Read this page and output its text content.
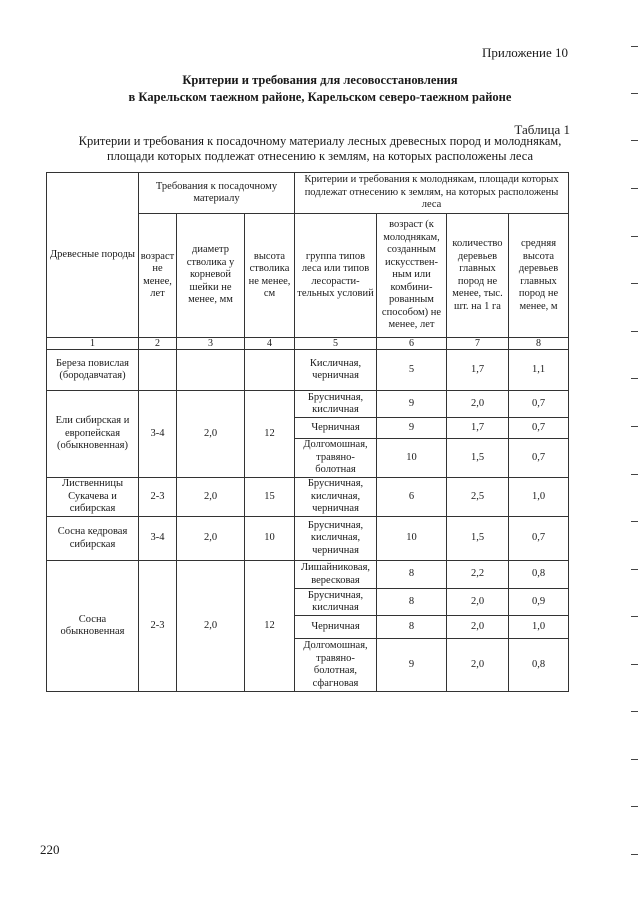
Приложение 10
Критерии и требования для лесовосстановления
в Карельском таежном районе, Карельском северо-таежном районе
Таблица 1
Критерии и требования к посадочному материалу лесных древесных пород и молоднякам,
площади которых подлежат отнесению к землям, на которых расположены леса
Древесные породы	Требования к посадочному материалу			Критерии и требования к молоднякам, площади которых подлежат отнесению к землям, на которых расположены леса			
	возраст не менее, лет	диаметр стволика у корневой шейки не менее, мм	высота стволика не менее, см	группа типов леса или типов лесорасти-тельных условий	возраст (к молоднякам, созданным искусствен-ным или комбини-рованным способом) не менее, лет	количество деревьев главных пород не менее, тыс. шт. на 1 га	средняя высота деревьев главных пород не менее, м
1	2	3	4	5	6	7	8
Береза повислая (бородавчатая)				Кисличная, черничная	5	1,7	1,1
Ели сибирская и европейская (обыкновенная)	3-4	2,0	12	Брусничная, кисличная	9	2,0	0,7
				Черничная	9	1,7	0,7
				Долгомошная, травяно-болотная	10	1,5	0,7
Лиственницы Сукачева и сибирская	2-3	2,0	15	Брусничная, кисличная, черничная	6	2,5	1,0
Сосна кедровая сибирская	3-4	2,0	10	Брусничная, кисличная, черничная	10	1,5	0,7
Сосна обыкновенная	2-3	2,0	12	Лишайниковая, вересковая	8	2,2	0,8
				Брусничная, кисличная	8	2,0	0,9
				Черничная	8	2,0	1,0
				Долгомошная, травяно-болотная, сфагновая	9	2,0	0,8
220
